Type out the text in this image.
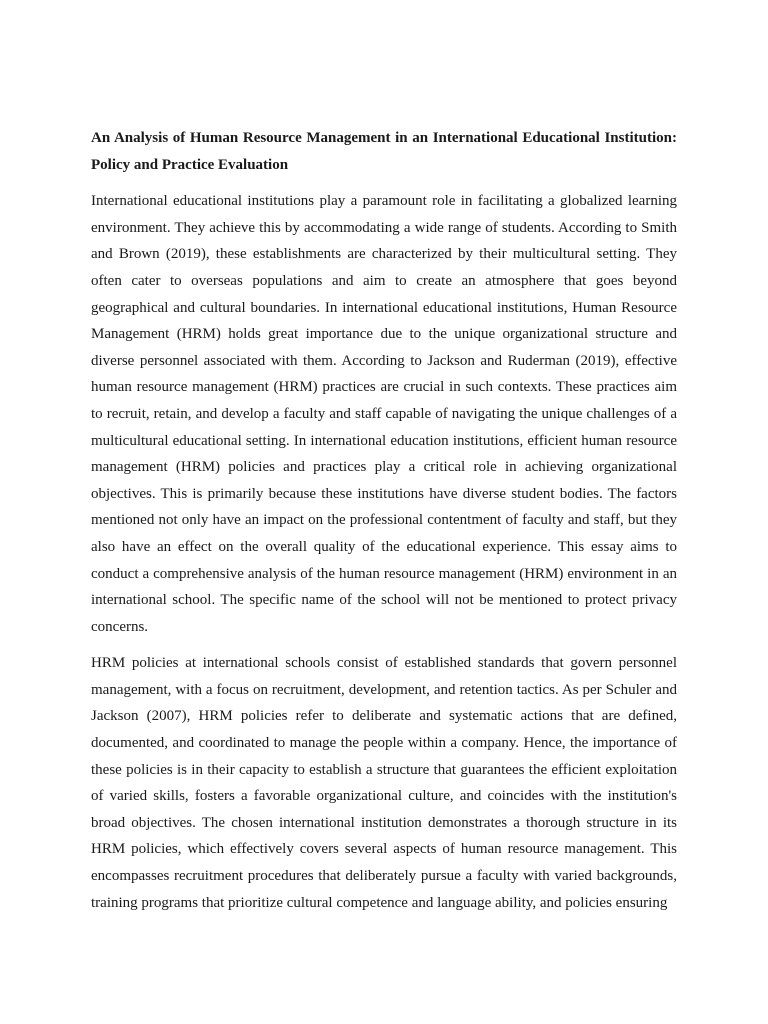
An Analysis of Human Resource Management in an International Educational Institution: Policy and Practice Evaluation

International educational institutions play a paramount role in facilitating a globalized learning environment. They achieve this by accommodating a wide range of students. According to Smith and Brown (2019), these establishments are characterized by their multicultural setting. They often cater to overseas populations and aim to create an atmosphere that goes beyond geographical and cultural boundaries. In international educational institutions, Human Resource Management (HRM) holds great importance due to the unique organizational structure and diverse personnel associated with them. According to Jackson and Ruderman (2019), effective human resource management (HRM) practices are crucial in such contexts. These practices aim to recruit, retain, and develop a faculty and staff capable of navigating the unique challenges of a multicultural educational setting. In international education institutions, efficient human resource management (HRM) policies and practices play a critical role in achieving organizational objectives. This is primarily because these institutions have diverse student bodies. The factors mentioned not only have an impact on the professional contentment of faculty and staff, but they also have an effect on the overall quality of the educational experience. This essay aims to conduct a comprehensive analysis of the human resource management (HRM) environment in an international school. The specific name of the school will not be mentioned to protect privacy concerns.

HRM policies at international schools consist of established standards that govern personnel management, with a focus on recruitment, development, and retention tactics. As per Schuler and Jackson (2007), HRM policies refer to deliberate and systematic actions that are defined, documented, and coordinated to manage the people within a company. Hence, the importance of these policies is in their capacity to establish a structure that guarantees the efficient exploitation of varied skills, fosters a favorable organizational culture, and coincides with the institution's broad objectives. The chosen international institution demonstrates a thorough structure in its HRM policies, which effectively covers several aspects of human resource management. This encompasses recruitment procedures that deliberately pursue a faculty with varied backgrounds, training programs that prioritize cultural competence and language ability, and policies ensuring
